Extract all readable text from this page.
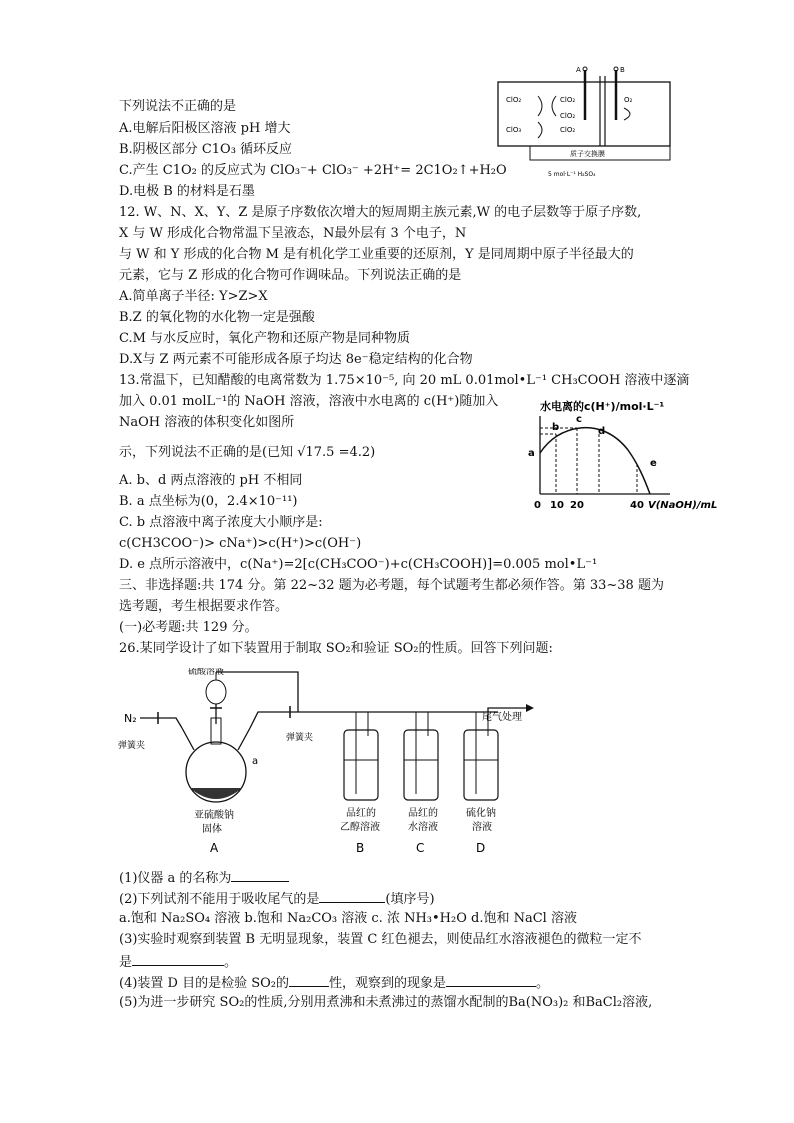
下列说法不正确的是
A.电解后阳极区溶液 pH 增大
B.阴极区部分 C1O₃ 循环反应
C.产生 C1O₂ 的反应式为 ClO₃⁻+ ClO₃⁻ +2H⁺= 2C1O₂↑+H₂O
D.电极 B 的材料是石墨
A	B
ClO₂	ClO₂
ClO₂
ClO₃	ClO₂
O₂
质子交换膜
5 mol·L⁻¹ H₂SO₄
12. W、N、X、Y、Z 是原子序数依次增大的短周期主族元素,W 的电子层数等于原子序数,
X 与 W 形成化合物常温下呈液态，N最外层有 3 个电子，N
与 W 和 Y 形成的化合物 M 是有机化学工业重要的还原剂，Y 是同周期中原子半径最大的
元素，它与 Z 形成的化合物可作调味品。下列说法正确的是
A.简单离子半径: Y>Z>X
B.Z 的氧化物的水化物一定是强酸
C.M 与水反应时，氧化产物和还原产物是同种物质
D.X与 Z 两元素不可能形成各原子均达 8e⁻稳定结构的化合物
13.常温下，已知醋酸的电离常数为 1.75×10⁻⁵, 向 20 mL 0.01mol•L⁻¹ CH₃COOH 溶液中逐滴
加入 0.01 molL⁻¹的 NaOH 溶液，溶液中水电离的 c(H⁺)随加入
NaOH 溶液的体积变化如图所
示，下列说法不正确的是(已知 √17.5 =4.2)
A. b、d 两点溶液的 pH 不相同
B. a 点坐标为(0，2.4×10⁻¹¹)
C. b 点溶液中离子浓度大小顺序是:
c(CH3COO⁻)> cNa⁺)>c(H⁺)>c(OH⁻)
D. e 点所示溶液中，c(Na⁺)=2[c(CH₃COO⁻)+c(CH₃COOH)]=0.005 mol•L⁻¹
水电离的c(H⁺)/mol·L⁻¹
a
b
c
d
e
0 10 20	40 V(NaOH)/mL
三、非选择题:共 174 分。第 22~32 题为必考题，每个试题考生都必须作答。第 33~38 题为
选考题，考生根据要求作答。
(一)必考题:共 129 分。
26.某同学设计了如下装置用于制取 SO₂和验证 SO₂的性质。回答下列问题:
硫酸溶液
N₂
弹簧夹
弹簧夹
a
尾气处理
亚硫酸钠
固体
A
品红的
乙醇溶液
B
品红的
水溶液
C
硫化钠
溶液
D
(1)仪器 a 的名称为
(2)下列试剂不能用于吸收尾气的是	(填序号)
a.饱和 Na₂SO₄ 溶液 b.饱和 Na₂CO₃ 溶液 c. 浓 NH₃•H₂O d.饱和 NaCl 溶液
(3)实验时观察到装置 B 无明显现象，装置 C 红色褪去，则使品红水溶液褪色的微粒一定不
是	。
(4)装置 D 目的是检验 SO₂的	性，观察到的现象是	。
(5)为进一步研究 SO₂的性质,分别用煮沸和未煮沸过的蒸馏水配制的Ba(NO₃)₂ 和BaCl₂溶液,
